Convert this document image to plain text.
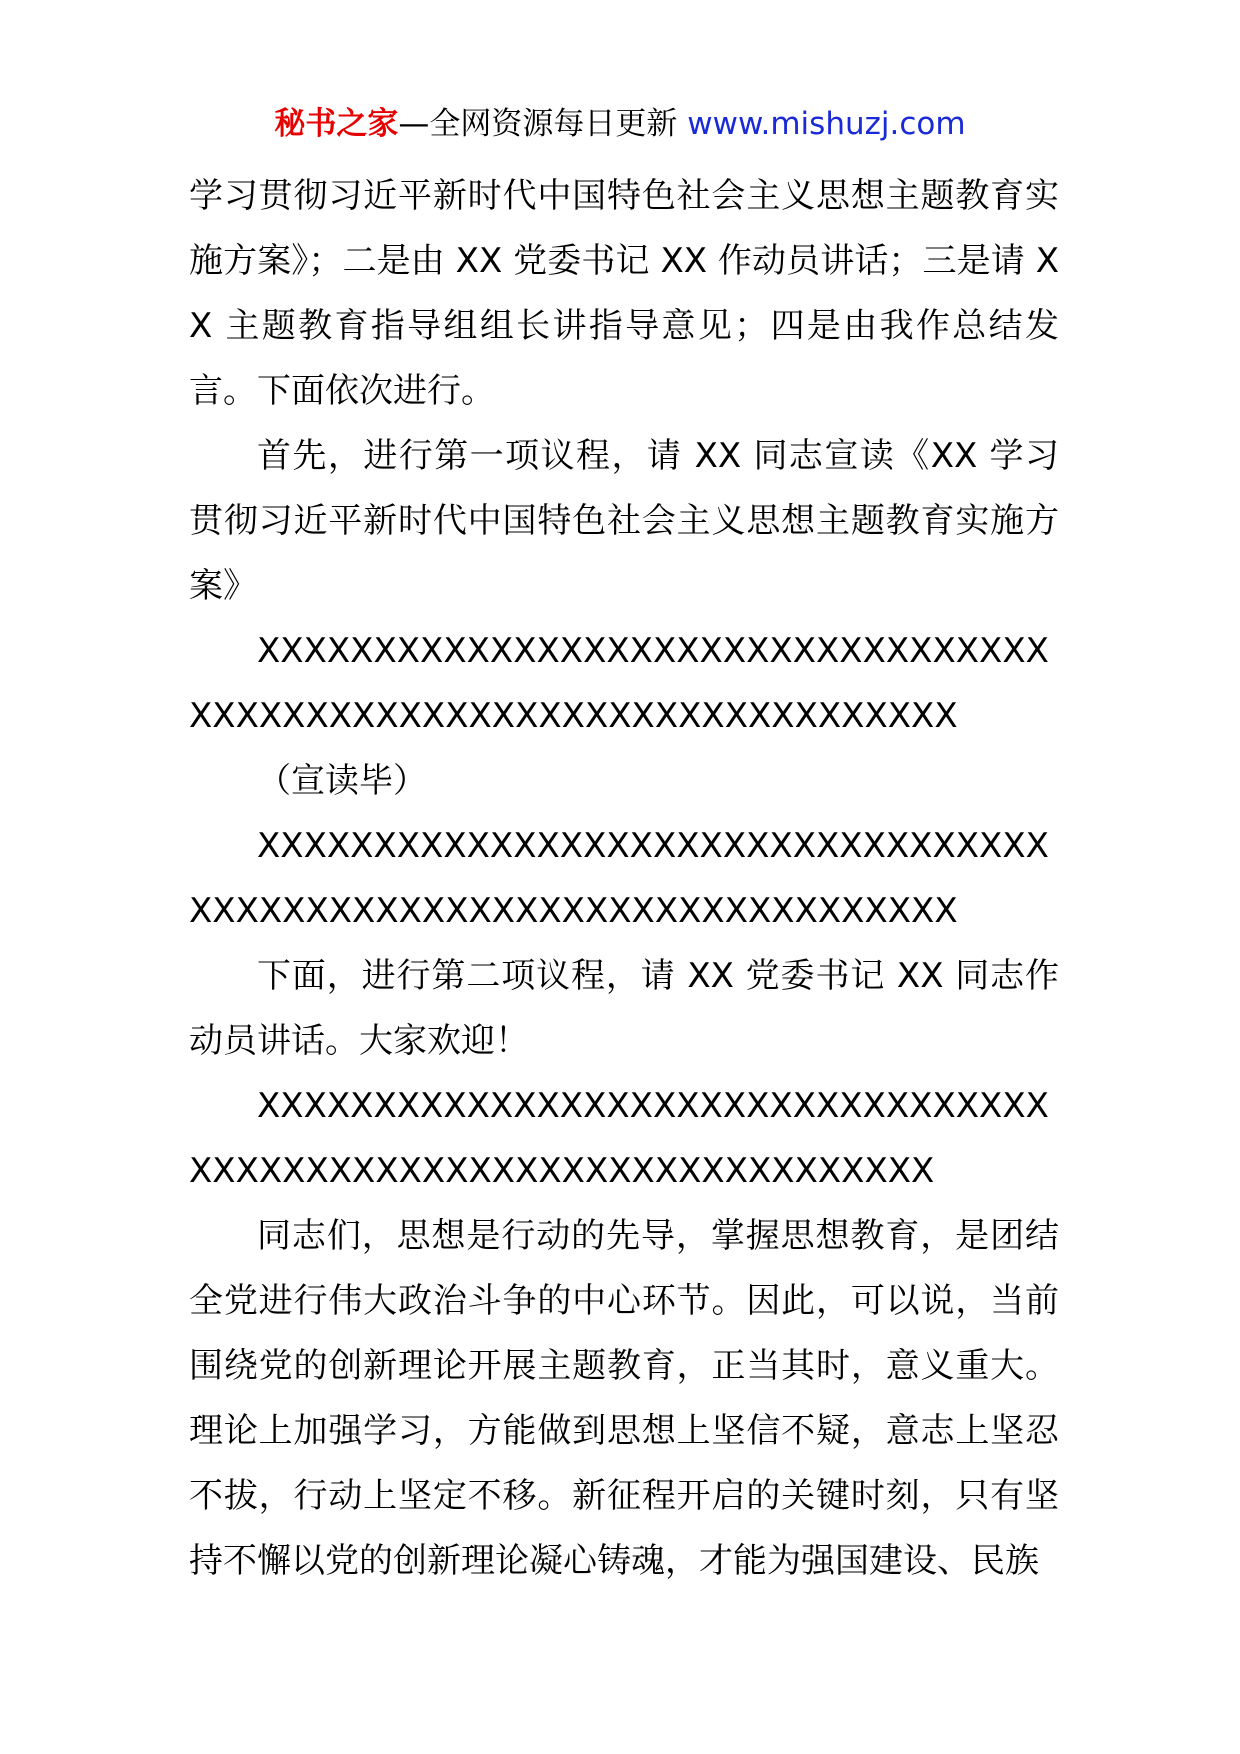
秘书之家—全网资源每日更新 www.mishuzj.com

学习贯彻习近平新时代中国特色社会主义思想主题教育实施方案》；二是由 XX 党委书记 XX 作动员讲话；三是请 XX 主题教育指导组组长讲指导意见；四是由我作总结发言。下面依次进行。

首先，进行第一项议程，请 XX 同志宣读《XX 学习贯彻习近平新时代中国特色社会主义思想主题教育实施方案》

XXXXXXXXXXXXXXXXXXXXXXXXXXXXXXXXXX

XXXXXXXXXXXXXXXXXXXXXXXXXXXXXXXXX

（宣读毕）

XXXXXXXXXXXXXXXXXXXXXXXXXXXXXXXXXX

XXXXXXXXXXXXXXXXXXXXXXXXXXXXXXXXX

下面，进行第二项议程，请 XX 党委书记 XX 同志作动员讲话。大家欢迎！

XXXXXXXXXXXXXXXXXXXXXXXXXXXXXXXXXX

XXXXXXXXXXXXXXXXXXXXXXXXXXXXXXXX

同志们，思想是行动的先导，掌握思想教育，是团结全党进行伟大政治斗争的中心环节。因此，可以说，当前围绕党的创新理论开展主题教育，正当其时，意义重大。理论上加强学习，方能做到思想上坚信不疑，意志上坚忍不拔，行动上坚定不移。新征程开启的关键时刻，只有坚持不懈以党的创新理论凝心铸魂，才能为强国建设、民族
